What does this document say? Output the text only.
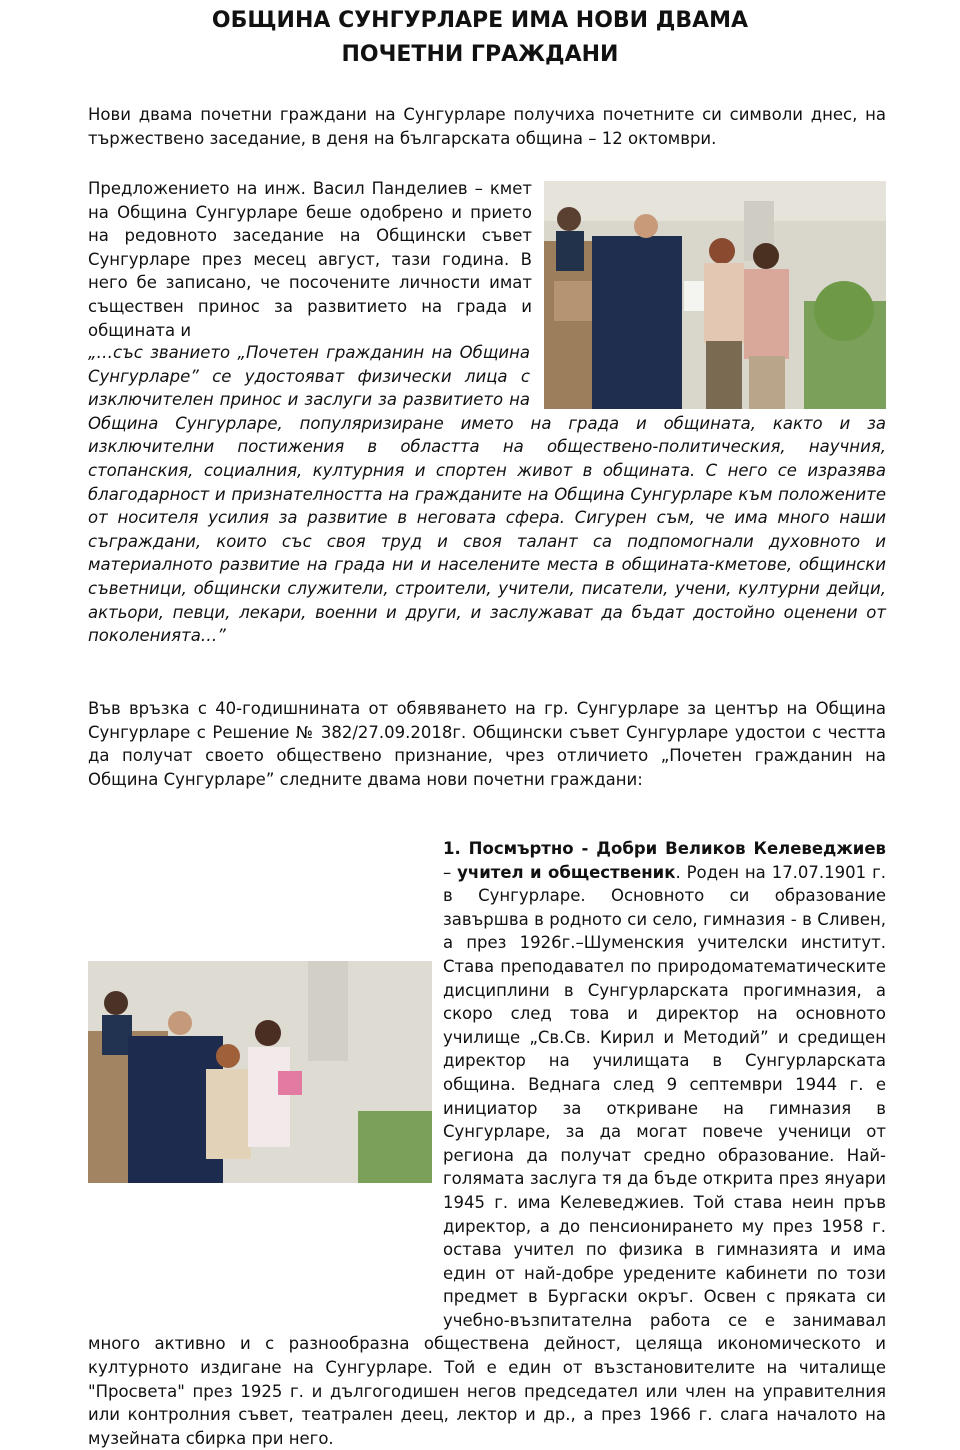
ОБЩИНА СУНГУРЛАРЕ ИМА НОВИ ДВАМА
ПОЧЕТНИ ГРАЖДАНИ

Нови двама почетни граждани на Сунгурларе получиха почетните си символи днес, на тържествено заседание, в деня на българската община – 12 октомври.

Предложението на инж. Васил Панделиев – кмет на Община Сунгурларе беше одобрено и прието на редовното заседание на Общински съвет Сунгурларе през месец август, тази година. В него бе записано, че посочените личности имат съществен принос за развитието на града и общината и
„…със званието „Почетен гражданин на Община Сунгурларе” се удостояват физически лица с изключителен принос и заслуги за развитието на Община Сунгурларе, популяризиране името на града и общината, както и за изключителни постижения в областта на обществено-политическия, научния, стопанския, социалния, културния и спортен живот в общината. С него се изразява благодарност и признателността на гражданите на Община Сунгурларе към положените от носителя усилия за развитие в неговата сфера. Сигурен съм, че има много наши съграждани, които със своя труд и своя талант са подпомогнали духовното и материалното развитие на града ни и населените места в общината-кметове, общински съветници, общински служители, строители, учители, писатели, учени, културни дейци, актьори, певци, лекари, военни и други, и заслужават да бъдат достойно оценени от поколенията…”

Във връзка с 40-годишнината от обявяването на гр. Сунгурларе за център на Община Сунгурларе с Решение № 382/27.09.2018г. Общински съвет Сунгурларе удостои с честта да получат своето обществено признание, чрез отличието „Почетен гражданин на Община Сунгурларе” следните двама нови почетни граждани:

1. Посмъртно - Добри Великов Келеведжиев – учител и общественик. Роден на 17.07.1901 г. в Сунгурларе. Основното си образование завършва в родното си село, гимназия - в Сливен, а през 1926г.–Шуменския учителски институт. Става преподавател по природоматематическите дисциплини в Сунгурларската прогимназия, а скоро след това и директор на основното училище „Св.Св. Кирил и Методий” и средищен директор на училищата в Сунгурларската община. Веднага след 9 септември 1944 г. е инициатор за откриване на гимназия в Сунгурларе, за да могат повече ученици от региона да получат средно образование. Най-голямата заслуга тя да бъде открита през януари 1945 г. има Келеведжиев. Той става неин пръв директор, а до пенсионирането му през 1958 г. остава учител по физика в гимназията и има един от най-добре уредените кабинети по този предмет в Бургаски окръг. Освен с пряката си учебно-възпитателна работа се е занимавал много активно и с разнообразна обществена дейност, целяща икономическото и културното издигане на Сунгурларе. Той е един от възстановителите на читалище "Просвета" през 1925 г. и дългогодишен негов председател или член на управителния или контролния съвет, театрален деец, лектор и др., а през 1966 г. слага началото на музейната сбирка при него.
